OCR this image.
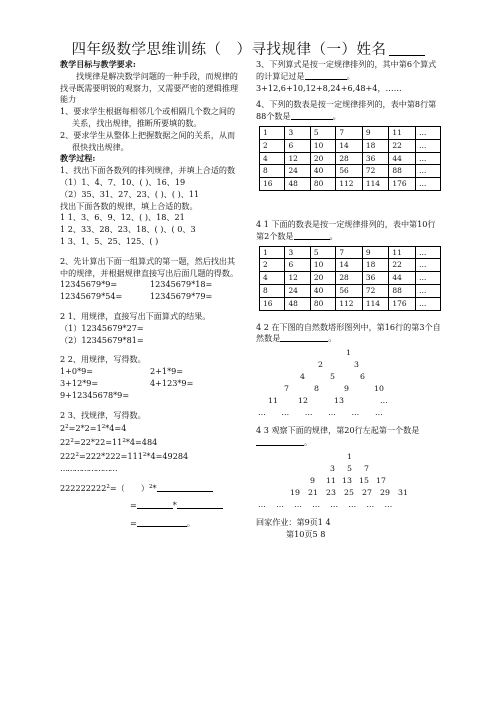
四年级数学思维训练（　）寻找规律（一）姓名
教学目标与教学要求:
找规律是解决数学问题的一种手段，而规律的找寻既需要明锐的观察力，又需要严密的逻辑推理能力
1、要求学生根据每相邻几个或相隔几个数之间的关系，找出规律，推断所要填的数。
2、要求学生从整体上把握数据之间的关系，从而很快找出规律。
教学过程:
1、找出下面各数列的排列规律，并填上合适的数
（1）1、4、7、10、( )、16、19
（2）35、31、27、23、( )、( )、11
找出下面各数的规律，填上合适的数。
1 1、3、6、9、12、( )、18、21
1 2、33、28、23、18、( )、( 0、3
1 3、1、5、25、125、( )
2、先计算出下面一组算式的第一题，然后找出其中的规律，并根据规律直接写出后面几题的得数。
12345679*9=	12345679*18=
12345679*54=	12345679*79=
2 1、用规律，直接写出下面算式的结果。
（1）12345679*27=
（2）12345679*81=
2 2、用规律，写得数。
1+0*9=	2+1*9=
3+12*9=	4+123*9=
9+12345678*9=
2 3、找规律，写得数。
$2^2=2*2=1^2*4=4$
$22^2=22*22=11^2*4=484$
$222^2=222*222=111^2*4=49284$
……………………
$222222222^2=$（　　）$^2$*
=	*
=	。
3、下列算式是按一定规律排列的，其中第6个算式的计算记过是	。
3+12,6+10,12+8,24+6,48+4，……
4、下列的数表是按一定规律排列的，表中第8行第88个数是	。
1	3	5	7	9	11	…
2	6	10	14	18	22	…
4	12	20	28	36	44	…
8	24	40	56	72	88	…
16	48	80	112	114	176	…
4 1 下面的数表是按一定规律排列的，表中第10行第2个数是	。
1	3	5	7	9	11	…
2	6	10	14	18	22	…
4	12	20	28	36	44	…
8	24	40	56	72	88	…
16	48	80	112	114	176	…
4 2 在下图的自然数塔形图列中，第16行的第3个自然数是	。
1
2	3
4	5	6
7	8	9	10
11	12	13	…
…　　…　　…　　…　　…　　…
4 3 观察下面的规律，第20行左起第一个数是。
1
3 5 7
9 11 13 15 17
19 21 23 25 27 29 31
…　 …　 …　 …　 …　 …　 …　 …
回家作业：第9页1 4
第10页5 8
